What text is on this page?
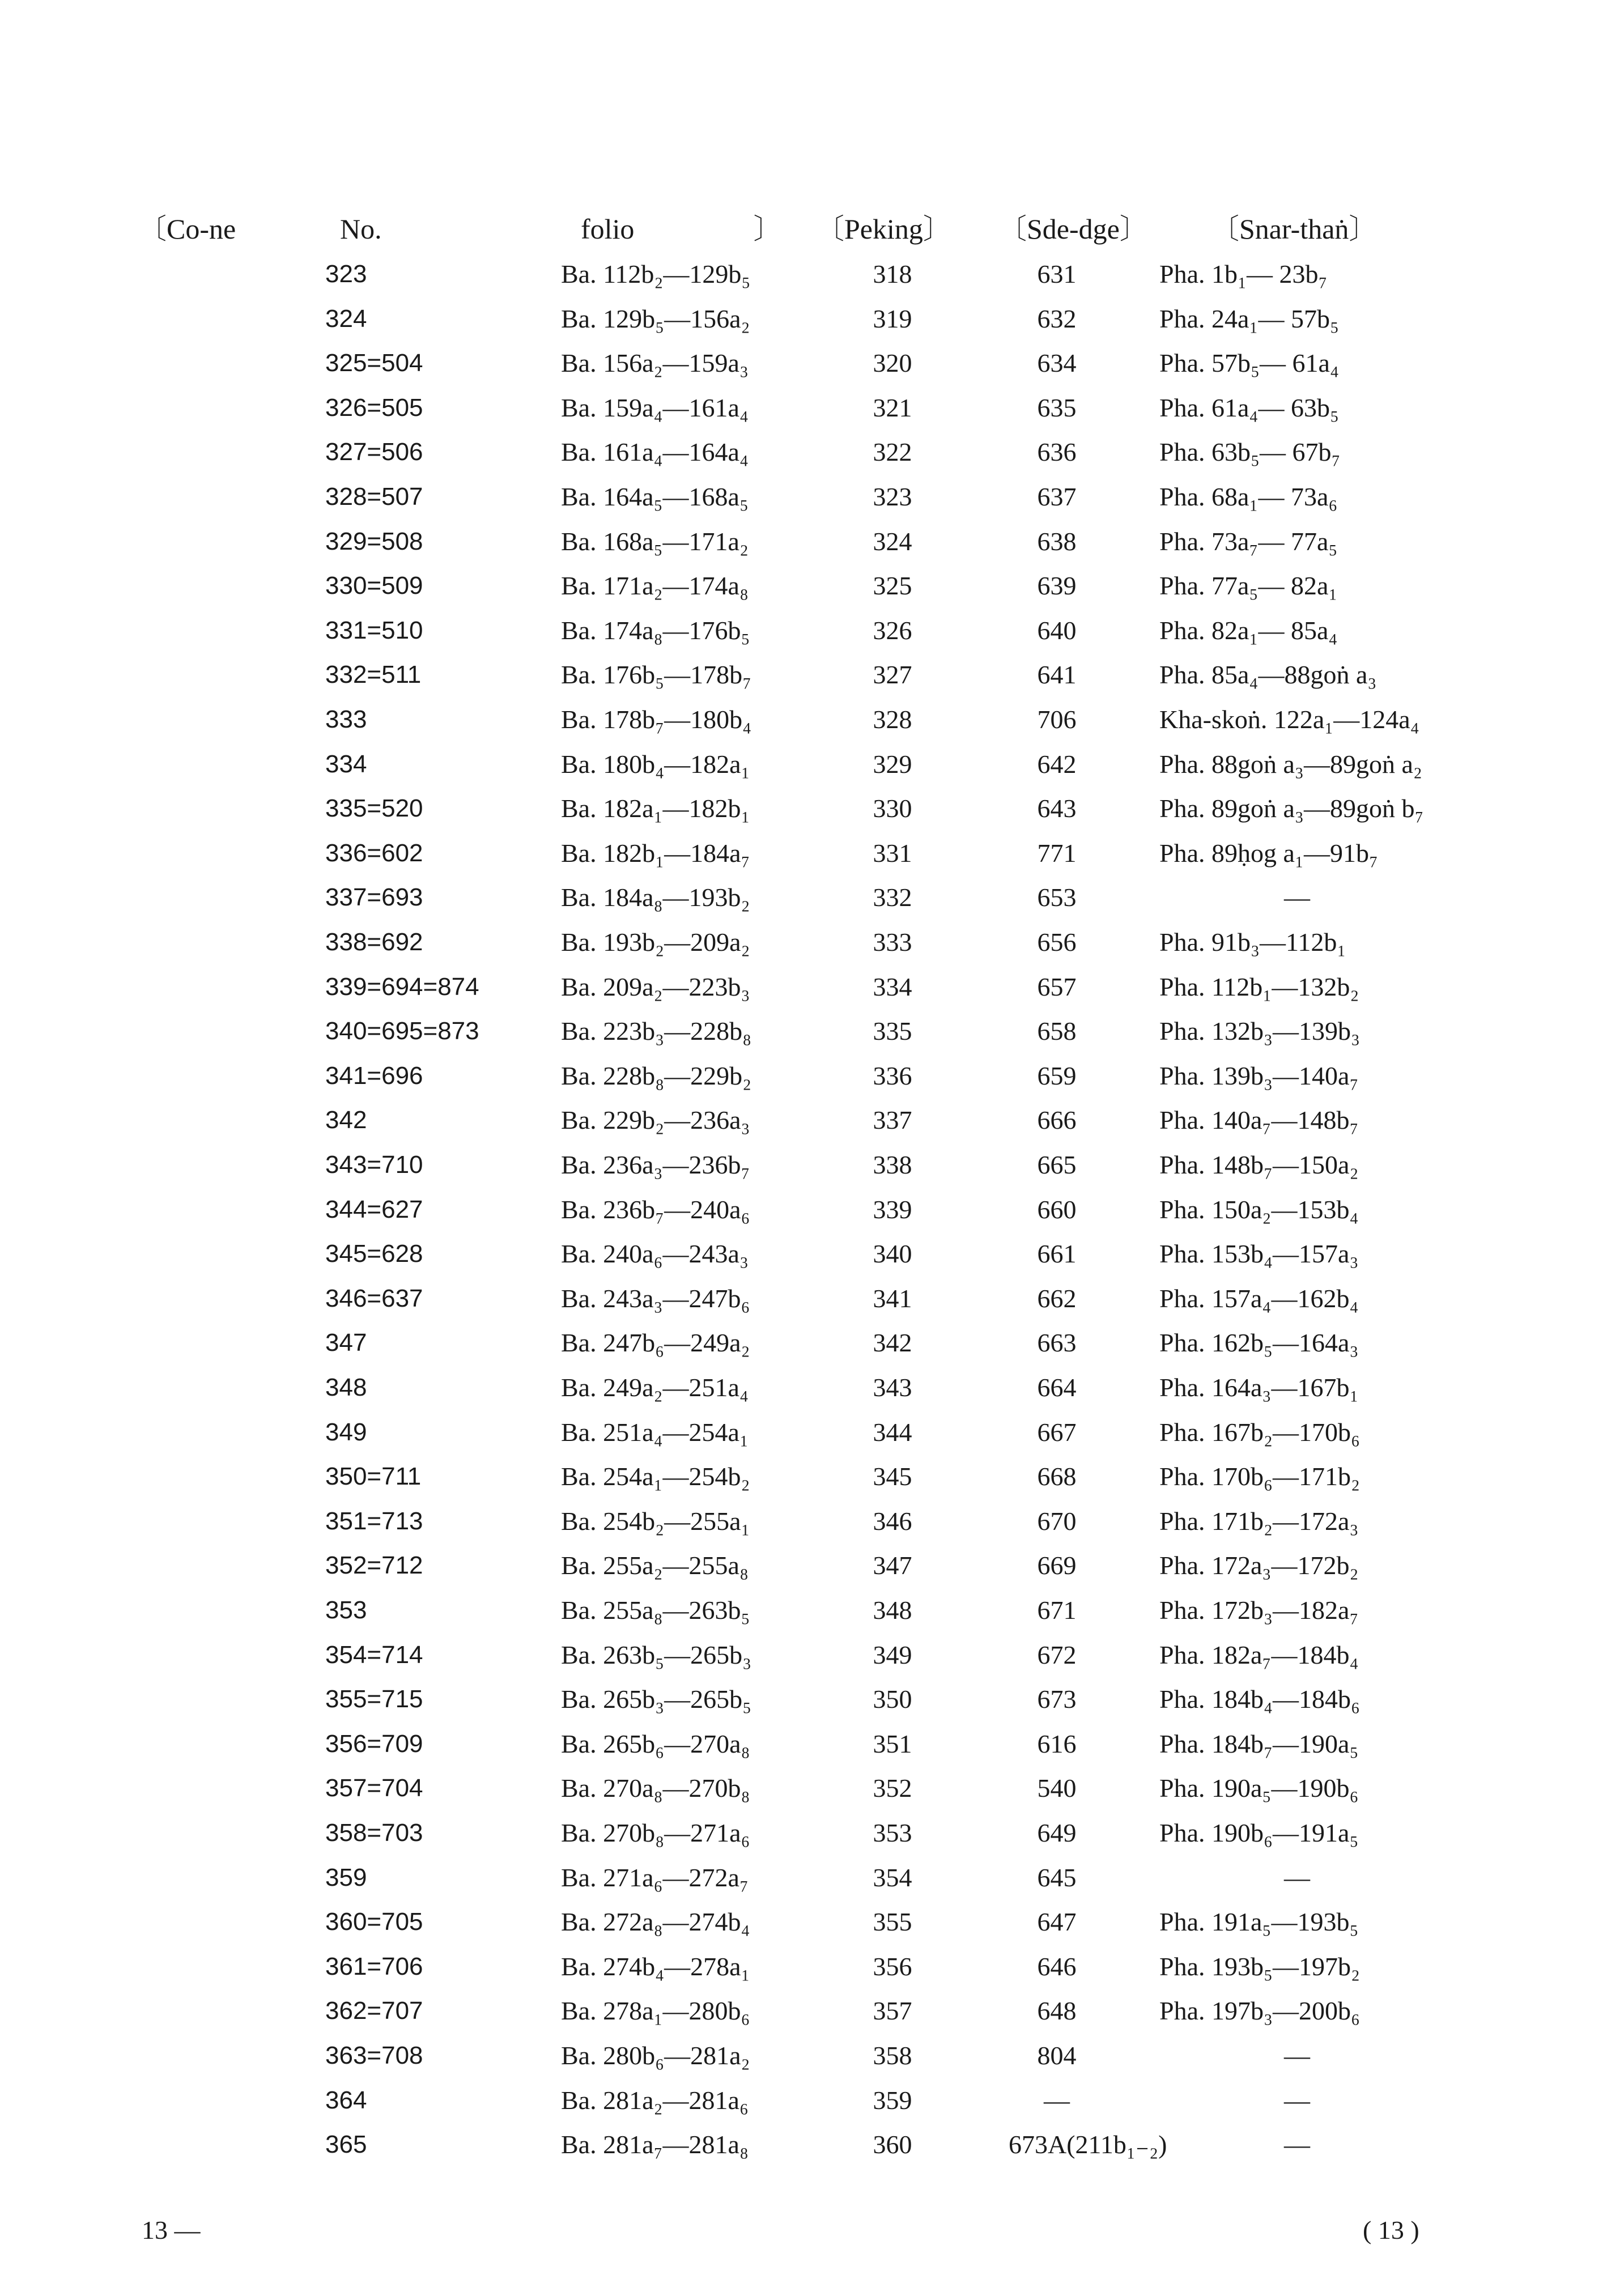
〔Co-ne	No.	folio	〕 〔Peking〕 〔Sde-dge〕 〔Snar-thaṅ〕
323	Ba. 112b₂—129b₅	318	631	Pha. 1b₁— 23b₇
324	Ba. 129b₅—156a₂	319	632	Pha. 24a₁— 57b₅
325=504	Ba. 156a₂—159a₃	320	634	Pha. 57b₅— 61a₄
326=505	Ba. 159a₄—161a₄	321	635	Pha. 61a₄— 63b₅
327=506	Ba. 161a₄—164a₄	322	636	Pha. 63b₅— 67b₇
328=507	Ba. 164a₅—168a₅	323	637	Pha. 68a₁— 73a₆
329=508	Ba. 168a₅—171a₂	324	638	Pha. 73a₇— 77a₅
330=509	Ba. 171a₂—174a₈	325	639	Pha. 77a₅— 82a₁
331=510	Ba. 174a₈—176b₅	326	640	Pha. 82a₁— 85a₄
332=511	Ba. 176b₅—178b₇	327	641	Pha. 85a₄—88goṅ a₃
333	Ba. 178b₇—180b₄	328	706	Kha-skoṅ. 122a₁—124a₄
334	Ba. 180b₄—182a₁	329	642	Pha. 88goṅ a₃—89goṅ a₂
335=520	Ba. 182a₁—182b₁	330	643	Pha. 89goṅ a₃—89goṅ b₇
336=602	Ba. 182b₁—184a₇	331	771	Pha. 89ḥog a₁—91b₇
337=693	Ba. 184a₈—193b₂	332	653	—
338=692	Ba. 193b₂—209a₂	333	656	Pha. 91b₃—112b₁
339=694=874	Ba. 209a₂—223b₃	334	657	Pha. 112b₁—132b₂
340=695=873	Ba. 223b₃—228b₈	335	658	Pha. 132b₃—139b₃
341=696	Ba. 228b₈—229b₂	336	659	Pha. 139b₃—140a₇
342	Ba. 229b₂—236a₃	337	666	Pha. 140a₇—148b₇
343=710	Ba. 236a₃—236b₇	338	665	Pha. 148b₇—150a₂
344=627	Ba. 236b₇—240a₆	339	660	Pha. 150a₂—153b₄
345=628	Ba. 240a₆—243a₃	340	661	Pha. 153b₄—157a₃
346=637	Ba. 243a₃—247b₆	341	662	Pha. 157a₄—162b₄
347	Ba. 247b₆—249a₂	342	663	Pha. 162b₅—164a₃
348	Ba. 249a₂—251a₄	343	664	Pha. 164a₃—167b₁
349	Ba. 251a₄—254a₁	344	667	Pha. 167b₂—170b₆
350=711	Ba. 254a₁—254b₂	345	668	Pha. 170b₆—171b₂
351=713	Ba. 254b₂—255a₁	346	670	Pha. 171b₂—172a₃
352=712	Ba. 255a₂—255a₈	347	669	Pha. 172a₃—172b₂
353	Ba. 255a₈—263b₅	348	671	Pha. 172b₃—182a₇
354=714	Ba. 263b₅—265b₃	349	672	Pha. 182a₇—184b₄
355=715	Ba. 265b₃—265b₅	350	673	Pha. 184b₄—184b₆
356=709	Ba. 265b₆—270a₈	351	616	Pha. 184b₇—190a₅
357=704	Ba. 270a₈—270b₈	352	540	Pha. 190a₅—190b₆
358=703	Ba. 270b₈—271a₆	353	649	Pha. 190b₆—191a₅
359	Ba. 271a₆—272a₇	354	645	—
360=705	Ba. 272a₈—274b₄	355	647	Pha. 191a₅—193b₅
361=706	Ba. 274b₄—278a₁	356	646	Pha. 193b₅—197b₂
362=707	Ba. 278a₁—280b₆	357	648	Pha. 197b₃—200b₆
363=708	Ba. 280b₆—281a₂	358	804	—
364	Ba. 281a₂—281a₆	359	—	—
365	Ba. 281a₇—281a₈	360	673A(211b₁₋₂)	—
13 —	( 13 )
